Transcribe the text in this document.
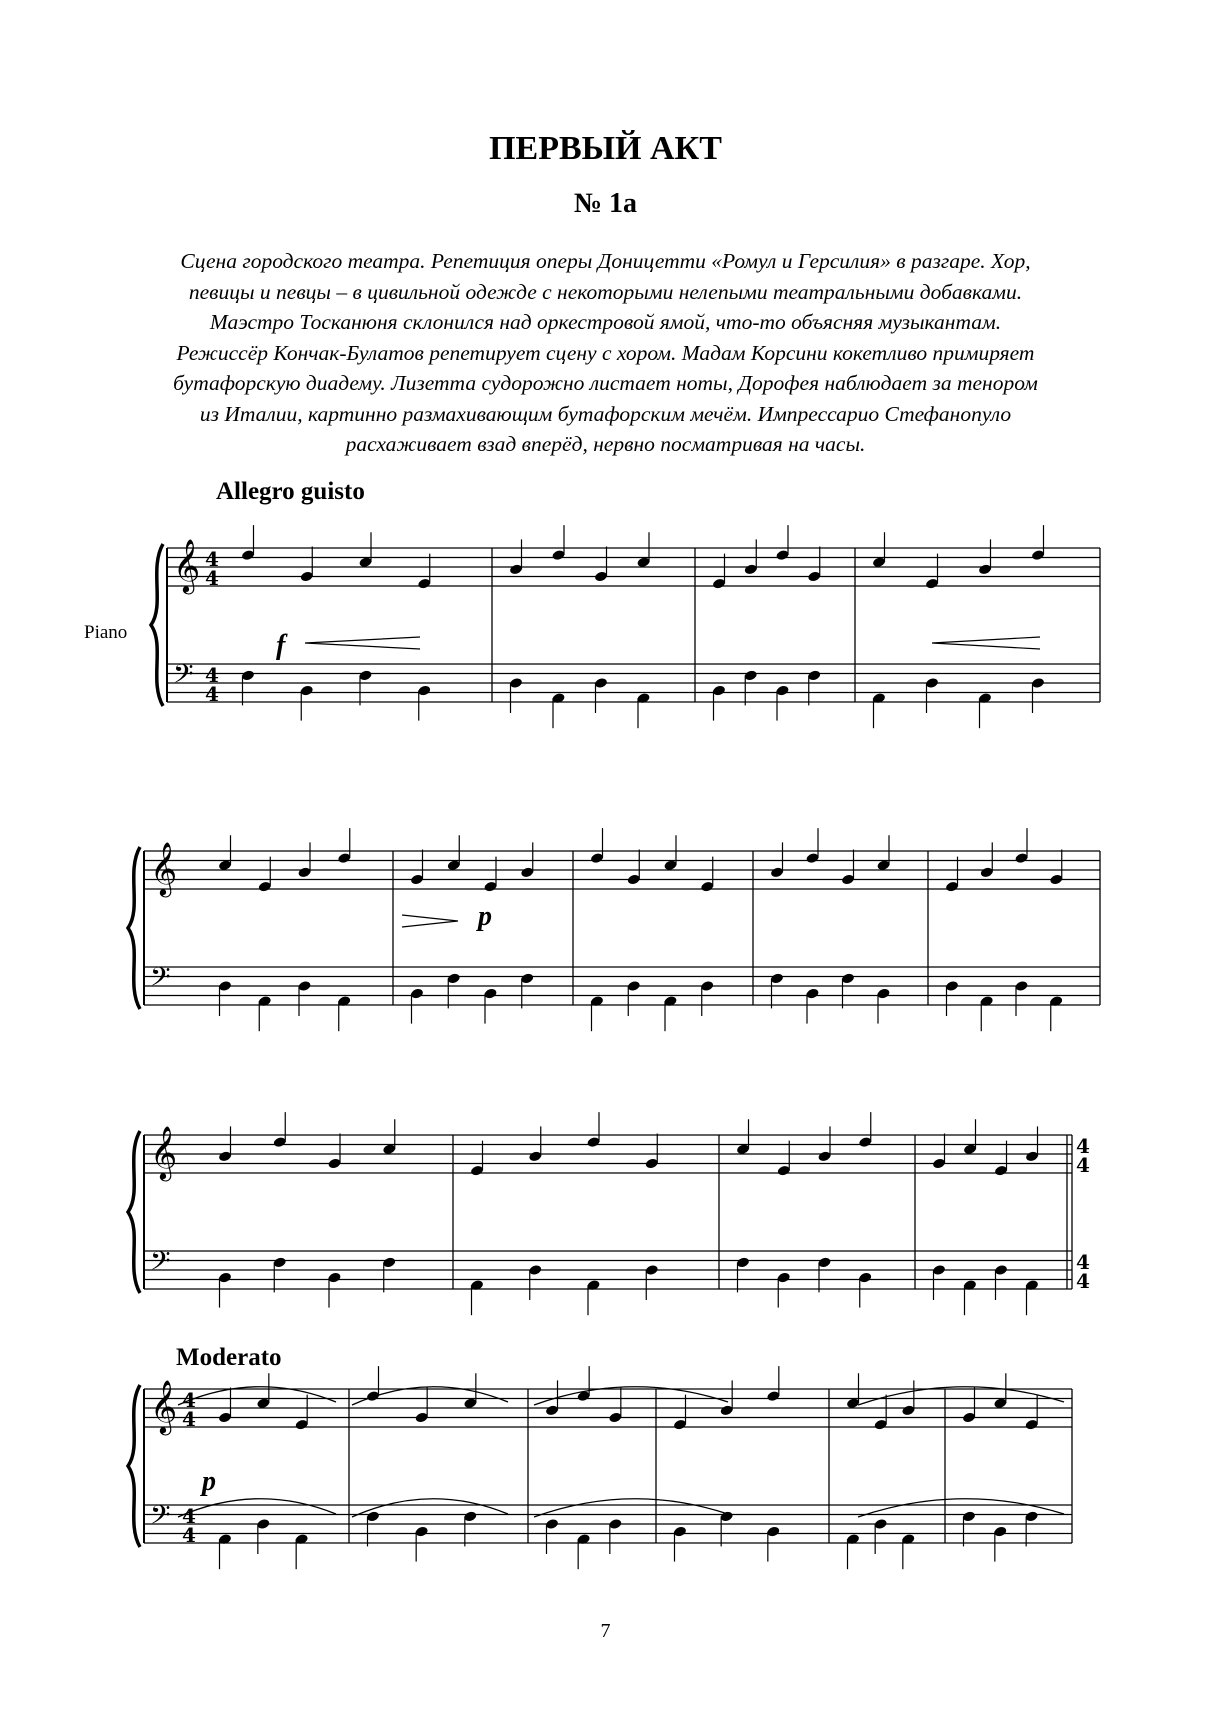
ПЕРВЫЙ АКТ
№ 1a
Сцена городского театра. Репетиция оперы Доницетти «Ромул и Герсилия» в разгаре. Хор,
певицы и певцы – в цивильной одежде с некоторыми нелепыми театральными добавками.
Маэстро Тосканюня склонился над оркестровой ямой, что-то объясняя музыкантам.
Режиссёр Кончак-Булатов репетирует сцену с хором. Мадам Корсини кокетливо примиряет
бутафорскую диадему. Лизетта судорожно листает ноты, Дорофея наблюдает за тенором
из Италии, картинно размахивающим бутафорским мечём. Импрессарио Стефанопуло
расхаживает взад вперёд, нервно посматривая на часы.
Allegro guisto
Moderato
Piano
𝄞
𝄢
4
4
4
4
𝄞
𝄢
𝄞
𝄢
4
4
4
4
𝄞
𝄢
4
4
4
4
f
p
p
7
